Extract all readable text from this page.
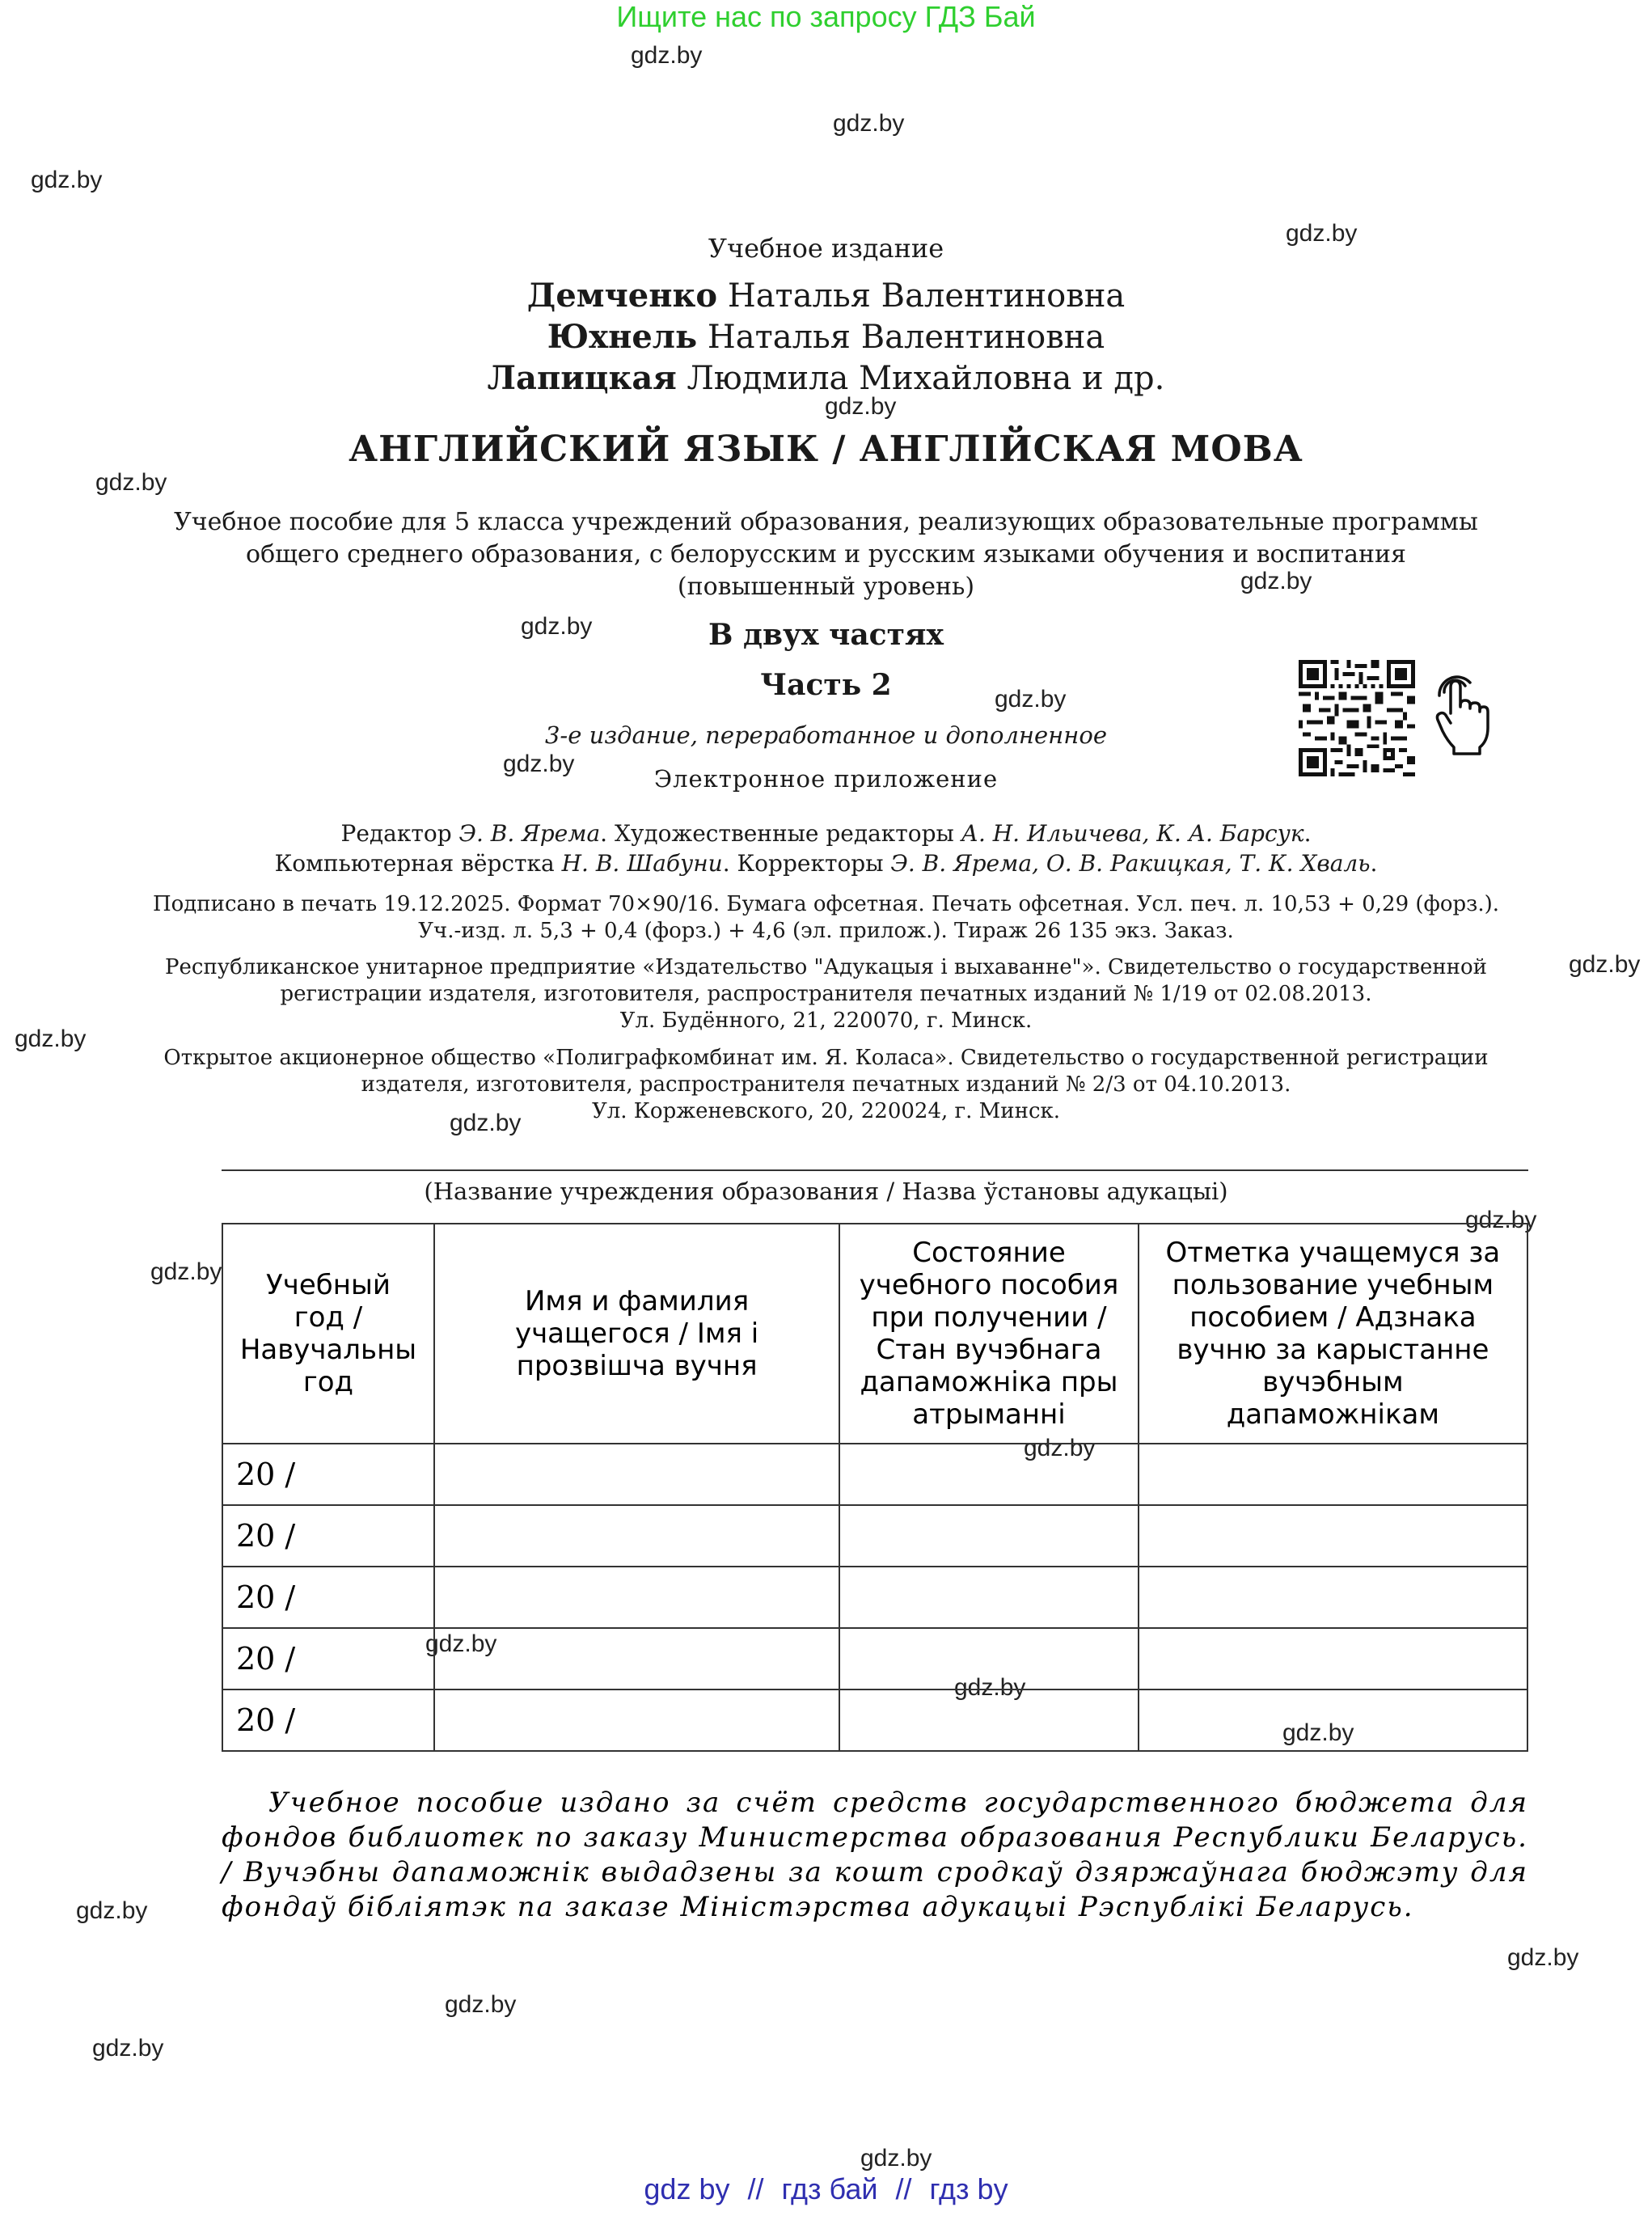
Ищите нас по запросу ГДЗ Бай
gdz.by
gdz.by
gdz.by
gdz.by
gdz.by
gdz.by
gdz.by
gdz.by
gdz.by
gdz.by
gdz.by
gdz.by
gdz.by
gdz.by
gdz.by
gdz.by
gdz.by
gdz.by
gdz.by
gdz.by
gdz.by
gdz.by
gdz.by
gdz.by
Учебное издание
Демченко Наталья Валентиновна
Юхнель Наталья Валентиновна
Лапицкая Людмила Михайловна и др.
АНГЛИЙСКИЙ ЯЗЫК / АНГЛІЙСКАЯ МОВА
Учебное пособие для 5 класса учреждений образования, реализующих образовательные программы
общего среднего образования, с белорусским и русским языками обучения и воспитания
(повышенный уровень)
В двух частях
Часть 2
3-е издание, переработанное и дополненное
Электронное приложение
Редактор Э. В. Ярема. Художественные редакторы А. Н. Ильичева, К. А. Барсук.
Компьютерная вёрстка Н. В. Шабуни. Корректоры Э. В. Ярема, О. В. Ракицкая, Т. К. Хваль.
Подписано в печать 19.12.2025. Формат 70×90/16. Бумага офсетная. Печать офсетная. Усл. печ. л. 10,53 + 0,29 (форз.).
Уч.-изд. л. 5,3 + 0,4 (форз.) + 4,6 (эл. прилож.). Тираж 26 135 экз. Заказ.
Республиканское унитарное предприятие «Издательство "Адукацыя і выхаванне"». Свидетельство о государственной
регистрации издателя, изготовителя, распространителя печатных изданий № 1/19 от 02.08.2013.
Ул. Будённого, 21, 220070, г. Минск.
Открытое акционерное общество «Полиграфкомбинат им. Я. Коласа». Свидетельство о государственной регистрации
издателя, изготовителя, распространителя печатных изданий № 2/3 от 04.10.2013.
Ул. Корженевского, 20, 220024, г. Минск.
(Название учреждения образования / Назва ўстановы адукацыі)
Учебный год / Навучальны год	Имя и фамилия учащегося / Імя і прозвішча вучня	Состояние учебного пособия при получении / Стан вучэбнага дапаможніка пры атрыманні	Отметка учащемуся за пользование учебным пособием / Адзнака вучню за карыстанне вучэбным дапаможнікам
20 /			
20 /			
20 /			
20 /			
20 /			
Учебное пособие издано за счёт средств государственного бюджета для фондов библиотек по заказу Министерства образования Республики Беларусь. / Вучэбны дапаможнік выдадзены за кошт сродкаў дзяржаўнага бюджэту для фондаў бібліятэк па заказе Міністэрства адукацыі Рэспублікі Беларусь.
gdz by // гдз бай // гдз by
